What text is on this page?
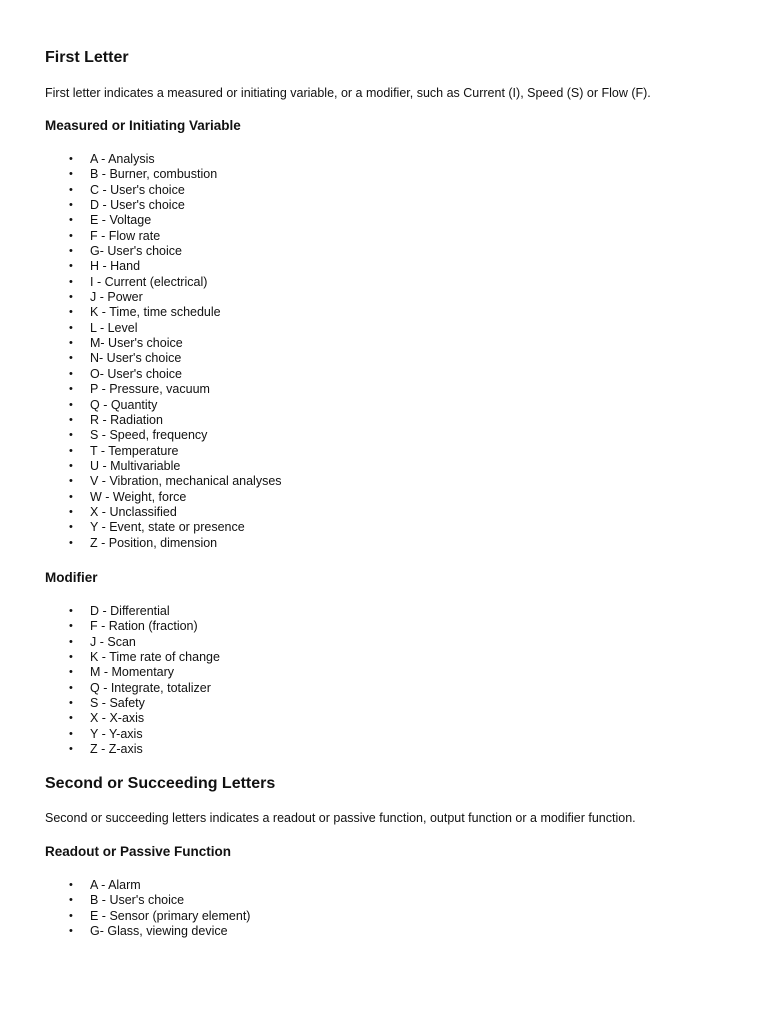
First Letter
First letter indicates a measured or initiating variable, or a modifier, such as Current (I), Speed (S) or Flow (F).
Measured or Initiating Variable
• A - Analysis
• B - Burner, combustion
• C - User's choice
• D - User's choice
• E - Voltage
• F - Flow rate
• G- User's choice
• H - Hand
• I - Current (electrical)
• J - Power
• K - Time, time schedule
• L - Level
• M- User's choice
• N- User's choice
• O- User's choice
• P - Pressure, vacuum
• Q - Quantity
• R - Radiation
• S - Speed, frequency
• T - Temperature
• U - Multivariable
• V - Vibration, mechanical analyses
• W - Weight, force
• X - Unclassified
• Y - Event, state or presence
• Z - Position, dimension
Modifier
• D - Differential
• F - Ration (fraction)
• J - Scan
• K - Time rate of change
• M - Momentary
• Q - Integrate, totalizer
• S - Safety
• X - X-axis
• Y - Y-axis
• Z - Z-axis
Second or Succeeding Letters
Second or succeeding letters indicates a readout or passive function, output function or a modifier function.
Readout or Passive Function
• A - Alarm
• B - User's choice
• E - Sensor (primary element)
• G- Glass, viewing device
